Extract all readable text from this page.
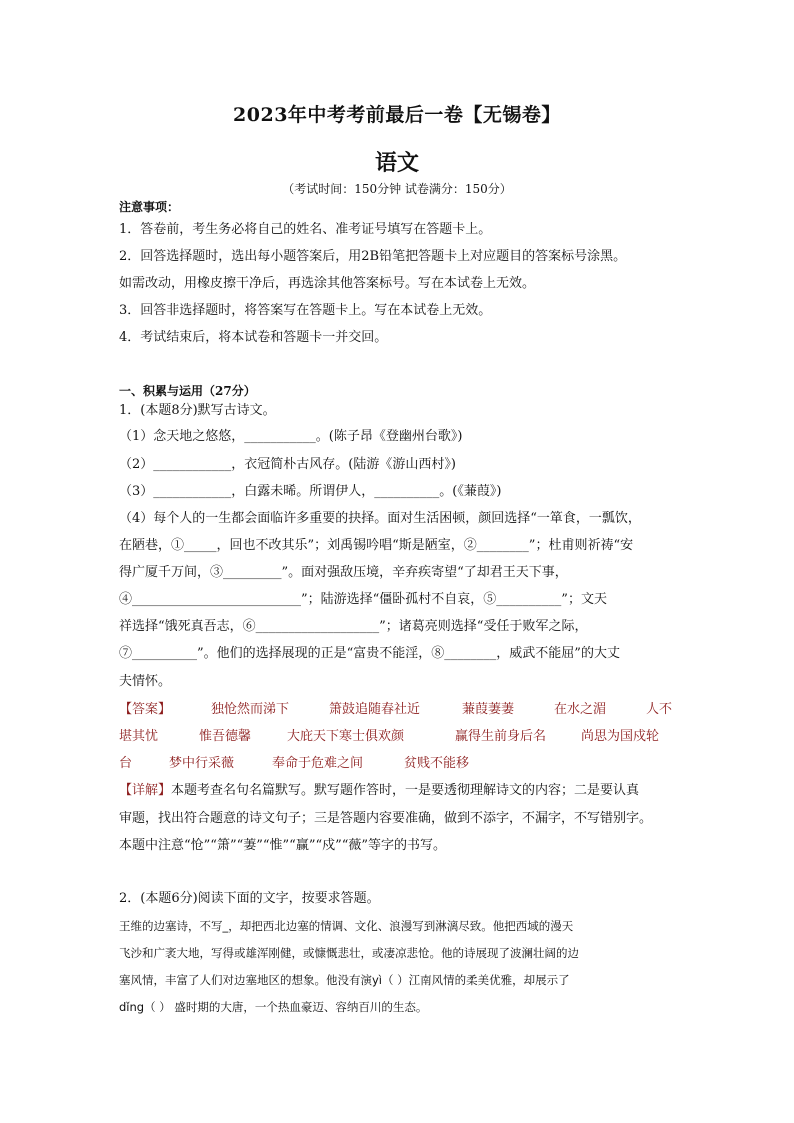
2023年中考考前最后一卷【无锡卷】
语文
（考试时间：150分钟 试卷满分：150分）
注意事项：
1．答卷前，考生务必将自己的姓名、准考证号填写在答题卡上。
2．回答选择题时，选出每小题答案后，用2B铅笔把答题卡上对应题目的答案标号涂黑。
如需改动，用橡皮擦干净后，再选涂其他答案标号。写在本试卷上无效。
3．回答非选择题时，将答案写在答题卡上。写在本试卷上无效。
4．考试结束后，将本试卷和答题卡一并交回。
一、积累与运用（27分）
1．(本题8分)默写古诗文。
（1）念天地之悠悠，___________。(陈子昂《登幽州台歌》)
（2）____________，衣冠简朴古风存。(陆游《游山西村》)
（3）____________，白露未晞。所谓伊人，__________。(《蒹葭》)
（4）每个人的一生都会面临许多重要的抉择。面对生活困顿，颜回选择“一箪食，一瓢饮，
在陋巷，①_____，回也不改其乐”；刘禹锡吟唱“斯是陋室，②________”；杜甫则祈祷“安
得广厦千万间，③_________”。面对强敌压境，辛弃疾寄望“了却君王天下事，
④__________________________”；陆游选择“僵卧孤村不自哀，⑤__________”；文天
祥选择“饿死真吾志，⑥___________________”；诸葛亮则选择“受任于败军之际，
⑦__________”。他们的选择展现的正是“富贵不能淫，⑧________，威武不能屈”的大丈
夫情怀。
【答案】	独怆然而涕下	箫鼓追随春社近	蒹葭萋萋	在水之湄	人不
堪其忧	惟吾德馨	大庇天下寒士俱欢颜	赢得生前身后名	尚思为国戍轮
台	梦中行采薇	奉命于危难之间	贫贱不能移
【详解】本题考查名句名篇默写。默写题作答时，一是要透彻理解诗文的内容；二是要认真
审题，找出符合题意的诗文句子；三是答题内容要准确，做到不添字，不漏字，不写错别字。
本题中注意“怆”“箫”“萋”“惟”“赢”“戍”“薇”等字的书写。
2．(本题6分)阅读下面的文字，按要求答题。
王维的边塞诗，不写_，却把西北边塞的情调、文化、浪漫写到淋漓尽致。他把西域的漫天
飞沙和广袤大地，写得或雄浑刚健，或慷慨悲壮，或凄凉悲怆。他的诗展现了波澜壮阔的边
塞风情，丰富了人们对边塞地区的想象。他没有演yì（ ）江南风情的柔美优雅，却展示了
dǐng（ ） 盛时期的大唐，一个热血豪迈、容纳百川的生态。
